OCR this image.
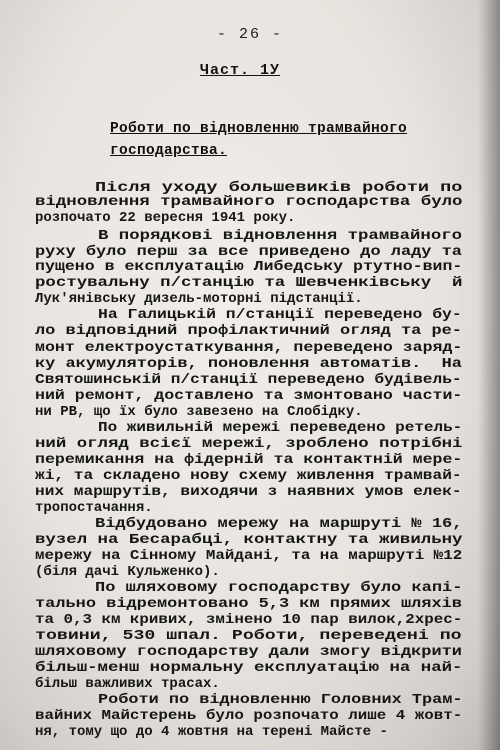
- 26 -
Част. 1У
Роботи по відновленню трамвайного
господарства.
Після уходу большевиків роботи по
відновлення трамвайного господарства було
розпочато 22 вересня 1941 року.
В порядкові відновлення трамвайного
руху було перш за все приведено до ладу та
пущено в експлуатацію Либедську ртутно-вип-
ростувальну п/станцію та Шевченківську  й
Лук'янівську дизель-моторні підстанції.
На Галицькій п/станції переведено бу-
ло відповідний профілактичний огляд та ре-
монт електроустаткування, переведено заряд-
ку акумуляторів, поновлення автоматів.  На
Святошинській п/станції переведено будівель-
ний ремонт, доставлено та змонтовано части-
ни РВ, що їх було завезено на Слобідку.
По живильній мережі переведено ретель-
ний огляд всієї мережі, зроблено потрібні
перемикання на фідерній та контактній мере-
жі, та складено нову схему живлення трамвай-
них маршрутів, виходячи з наявних умов елек-
тропостачання.
Відбудовано мережу на маршруті № 16,
вузел на Бесарабці, контактну та живильну
мережу на Сінному Майдані, та на маршруті №12
(біля дачі Кульженко).
По шляховому господарству було капі-
тально відремонтовано 5,3 км прямих шляхів
та 0,3 км кривих, змінено 10 пар вилок,2хрес-
товини, 530 шпал. Роботи, переведені по
шляховому господарству дали змогу відкрити
більш-менш нормальну експлуатацію на най-
більш важливих трасах.
Роботи по відновленню Головних Трам-
вайних Майстерень було розпочато лише 4 жовт-
ня, тому що до 4 жовтня на терені Майсте -
